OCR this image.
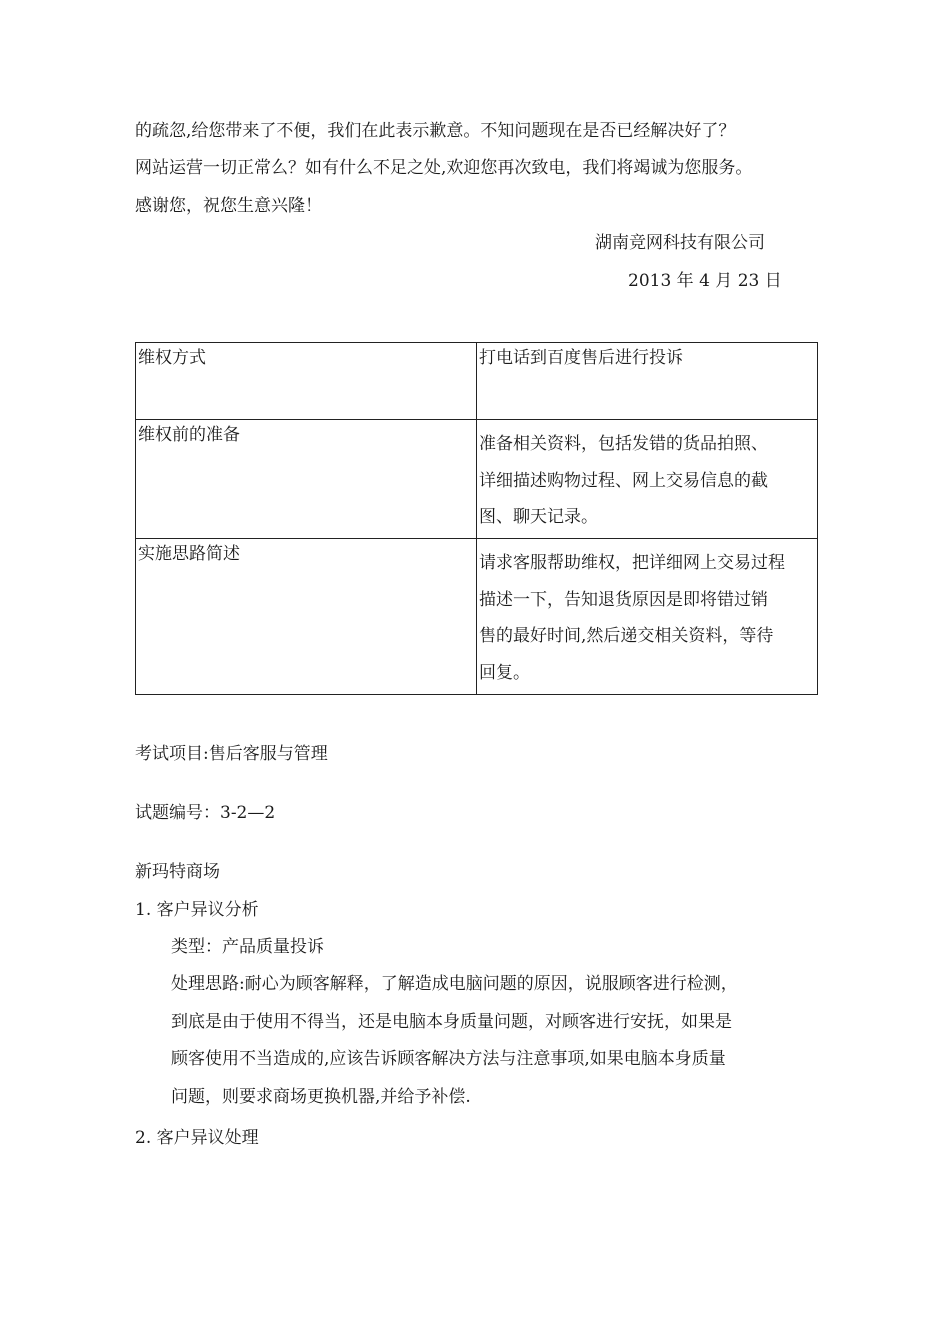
的疏忽,给您带来了不便，我们在此表示歉意。不知问题现在是否已经解决好了？
网站运营一切正常么？如有什么不足之处,欢迎您再次致电，我们将竭诚为您服务。
感谢您，祝您生意兴隆！
湖南竞网科技有限公司
2013 年 4 月 23 日
维权方式	打电话到百度售后进行投诉

维权前的准备	准备相关资料，包括发错的货品拍照、
详细描述购物过程、网上交易信息的截
图、聊天记录。

实施思路简述	请求客服帮助维权，把详细网上交易过程
描述一下，告知退货原因是即将错过销
售的最好时间,然后递交相关资料，等待
回复。
考试项目:售后客服与管理
试题编号：3-2—2
新玛特商场
1. 客户异议分析
类型：产品质量投诉
处理思路:耐心为顾客解释，了解造成电脑问题的原因，说服顾客进行检测，
到底是由于使用不得当，还是电脑本身质量问题，对顾客进行安抚，如果是
顾客使用不当造成的,应该告诉顾客解决方法与注意事项,如果电脑本身质量
问题，则要求商场更换机器,并给予补偿.
2. 客户异议处理
